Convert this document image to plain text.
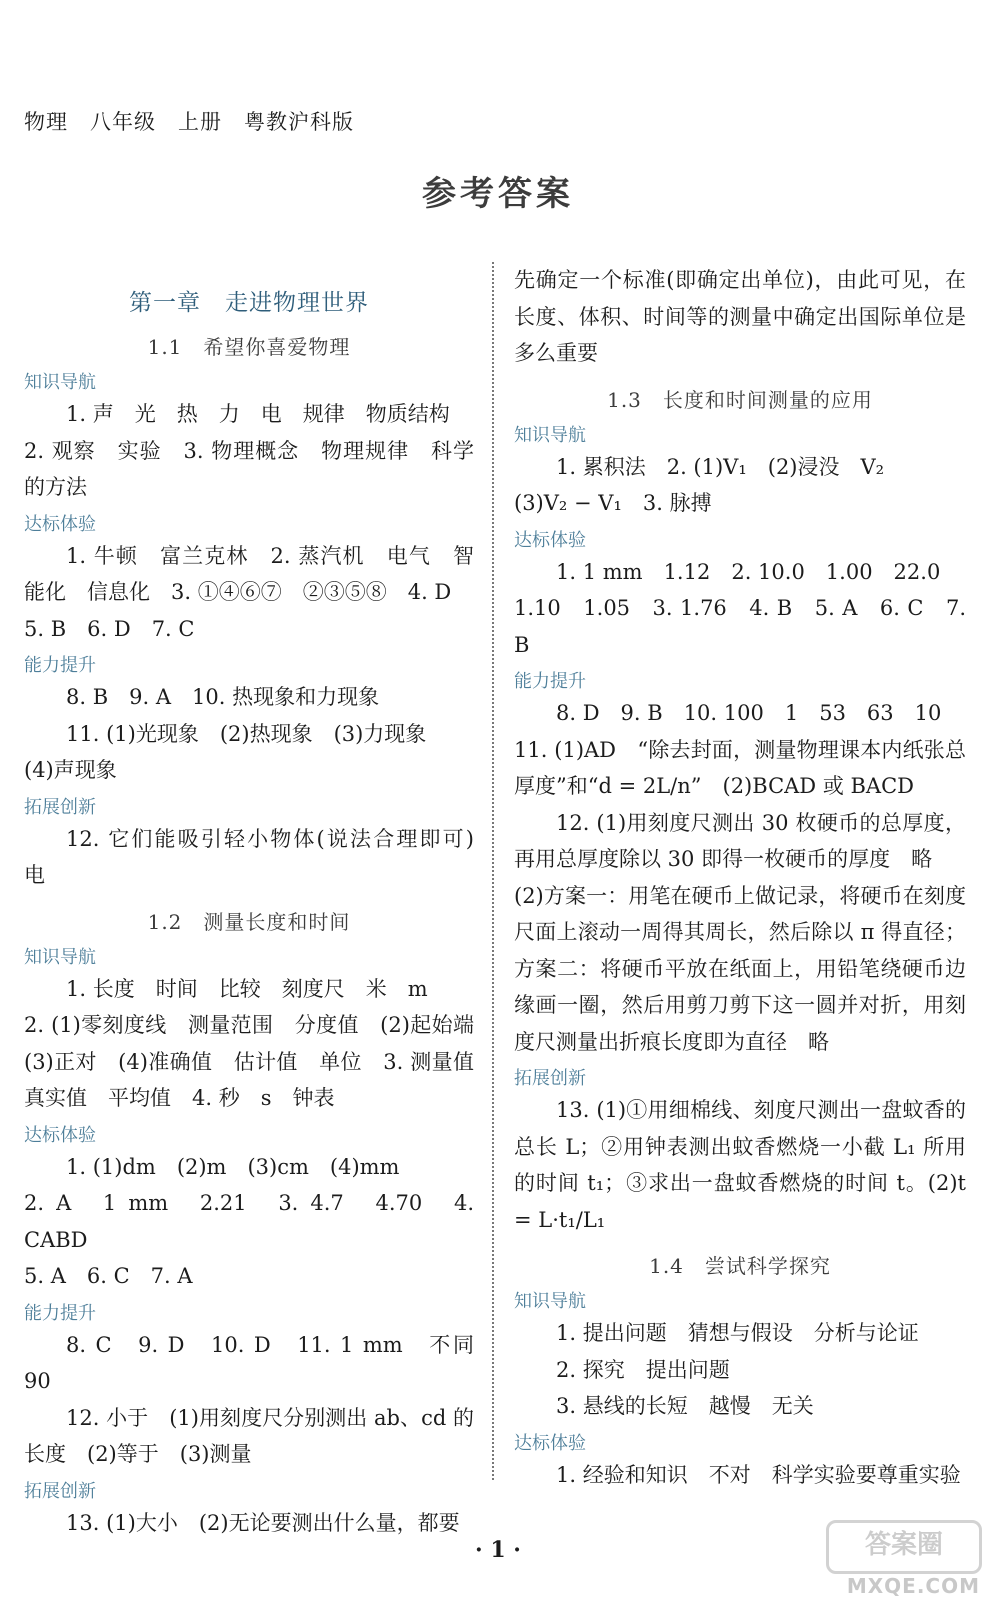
物理　八年级　上册　粤教沪科版
参考答案
第一章　走进物理世界
1.1　希望你喜爱物理
知识导航

1. 声　光　热　力　电　规律　物质结构

2. 观察　实验　3. 物理概念　物理规律　科学的方法

达标体验

1. 牛顿　富兰克林　2. 蒸汽机　电气　智能化　信息化　3. ①④⑥⑦　②③⑤⑧　4. D

5. B　6. D　7. C

能力提升

8. B　9. A　10. 热现象和力现象

11. (1)光现象　(2)热现象　(3)力现象

(4)声现象

拓展创新

12. 它们能吸引轻小物体(说法合理即可)　电

1.2　测量长度和时间
知识导航

1. 长度　时间　比较　刻度尺　米　m

2. (1)零刻度线　测量范围　分度值　(2)起始端　(3)正对　(4)准确值　估计值　单位　3. 测量值　真实值　平均值　4. 秒　s　钟表

达标体验

1. (1)dm　(2)m　(3)cm　(4)mm

2. A　1 mm　2.21　3. 4.7　4.70　4. CABD

5. A　6. C　7. A

能力提升

8. C　9. D　10. D　11. 1 mm　不同　90

12. 小于　(1)用刻度尺分别测出 ab、cd 的长度　(2)等于　(3)测量

拓展创新

13. (1)大小　(2)无论要测出什么量，都要

先确定一个标准(即确定出单位)，由此可见，在长度、体积、时间等的测量中确定出国际单位是多么重要

1.3　长度和时间测量的应用
知识导航

1. 累积法　2. (1)V₁　(2)浸没　V₂

(3)V₂ − V₁　3. 脉搏

达标体验

1. 1 mm　1.12　2. 10.0　1.00　22.0

1.10　1.05　3. 1.76　4. B　5. A　6. C　7. B

能力提升

8. D　9. B　10. 100　1　53　63　10

11. (1)AD　“除去封面，测量物理课本内纸张总厚度”和“d = 2L/n”　(2)BCAD 或 BACD

12. (1)用刻度尺测出 30 枚硬币的总厚度，再用总厚度除以 30 即得一枚硬币的厚度　略

(2)方案一：用笔在硬币上做记录，将硬币在刻度尺面上滚动一周得其周长，然后除以 π 得直径；方案二：将硬币平放在纸面上，用铅笔绕硬币边缘画一圈，然后用剪刀剪下这一圆并对折，用刻度尺测量出折痕长度即为直径　略

拓展创新

13. (1)①用细棉线、刻度尺测出一盘蚊香的总长 L；②用钟表测出蚊香燃烧一小截 L₁ 所用的时间 t₁；③求出一盘蚊香燃烧的时间 t。(2)t = L·t₁/L₁

1.4　尝试科学探究
知识导航

1. 提出问题　猜想与假设　分析与论证

2. 探究　提出问题

3. 悬线的长短　越慢　无关

达标体验

1. 经验和知识　不对　科学实验要尊重实验

· 1 ·	答案圈
MXQE.COM
